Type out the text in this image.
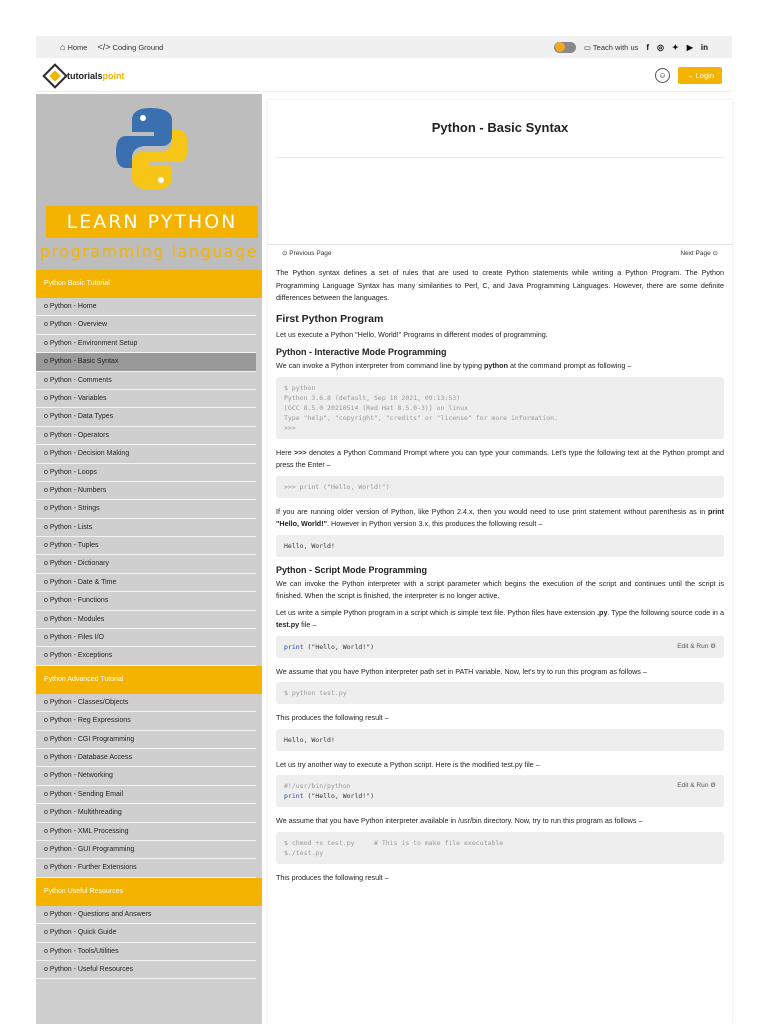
⌂ Home </> Coding Ground	▭ Teach with us f ◎ ✦ ▶ in
tutorialspoint	☺	→ Login
LEARN PYTHON
programming language
Python Basic Tutorial
o Python - Home
o Python - Overview
o Python - Environment Setup
o Python - Basic Syntax
o Python - Comments
o Python - Variables
o Python - Data Types
o Python - Operators
o Python - Decision Making
o Python - Loops
o Python - Numbers
o Python - Strings
o Python - Lists
o Python - Tuples
o Python - Dictionary
o Python - Date & Time
o Python - Functions
o Python - Modules
o Python - Files I/O
o Python - Exceptions
Python Advanced Tutorial
o Python - Classes/Objects
o Python - Reg Expressions
o Python - CGI Programming
o Python - Database Access
o Python - Networking
o Python - Sending Email
o Python - Multithreading
o Python - XML Processing
o Python - GUI Programming
o Python - Further Extensions
Python Useful Resources
o Python - Questions and Answers
o Python - Quick Guide
o Python - Tools/Utilities
o Python - Useful Resources
Python - Basic Syntax
⊙ Previous Page	Next Page ⊙

The Python syntax defines a set of rules that are used to create Python statements while writing a Python Program. The Python Programming Language Syntax has many similarities to Perl, C, and Java Programming Languages. However, there are some definite differences between the languages.

First Python Program

Let us execute a Python "Hello, World!" Programs in different modes of programming.

Python - Interactive Mode Programming

We can invoke a Python interpreter from command line by typing python at the command prompt as following –

$ python
Python 3.6.8 (default, Sep 10 2021, 09:13:53)
[GCC 8.5.0 20210514 (Red Hat 8.5.0-3)] on linux
Type "help", "copyright", "credits" or "license" for more information.
>>>

Here >>> denotes a Python Command Prompt where you can type your commands. Let's type the following text at the Python prompt and press the Enter –

>>> print ("Hello, World!")

If you are running older version of Python, like Python 2.4.x, then you would need to use print statement without parenthesis as in print "Hello, World!". However in Python version 3.x, this produces the following result –

Hello, World!
Python - Script Mode Programming

We can invoke the Python interpreter with a script parameter which begins the execution of the script and continues until the script is finished. When the script is finished, the interpreter is no longer active.

Let us write a simple Python program in a script which is simple text file. Python files have extension .py. Type the following source code in a test.py file –

print ("Hello, World!")	Edit & Run ⚙

We assume that you have Python interpreter path set in PATH variable. Now, let's try to run this program as follows –

$ python test.py

This produces the following result –

Hello, World!

Let us try another way to execute a Python script. Here is the modified test.py file –

#!/usr/bin/python
print ("Hello, World!")
Edit & Run ⚙

We assume that you have Python interpreter available in /usr/bin directory. Now, try to run this program as follows –

$ chmod +x test.py     # This is to make file executable
$./test.py

This produces the following result –
